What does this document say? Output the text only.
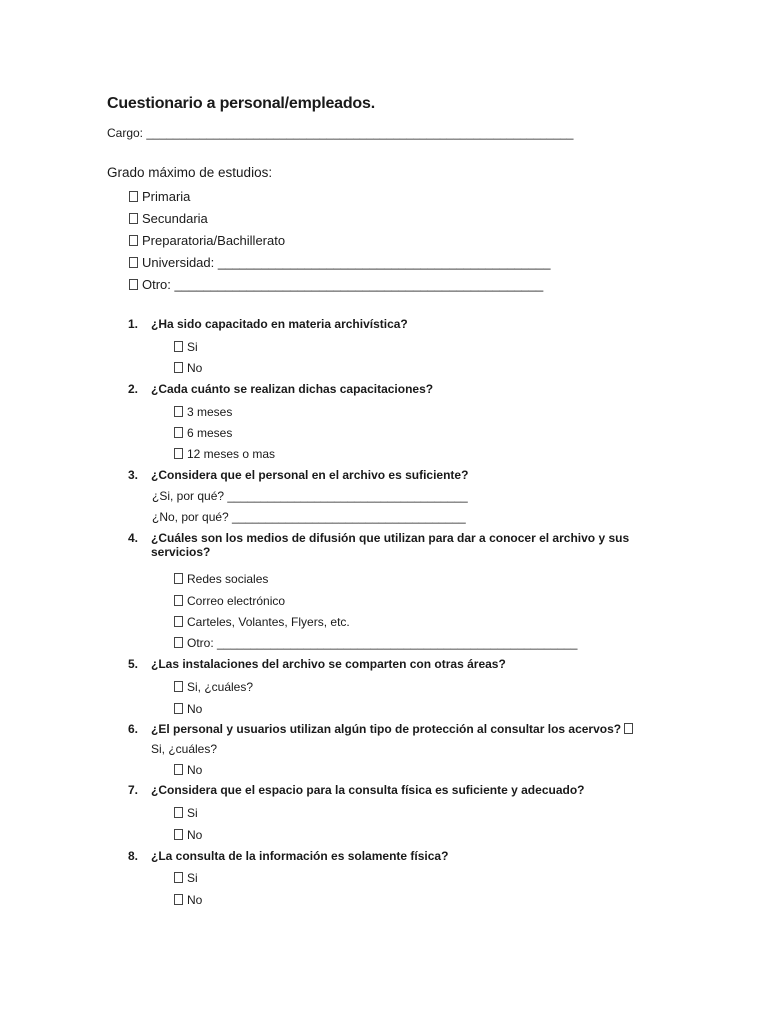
Cuestionario a personal/empleados.
Cargo: ________________________________________________________________
Grado máximo de estudios:
Primaria
Secundaria
Preparatoria/Bachillerato
Universidad: ______________________________________________
Otro: ___________________________________________________
1. ¿Ha sido capacitado en materia archivística?
Si
No
2. ¿Cada cuánto se realizan dichas capacitaciones?
3 meses
6 meses
12 meses o mas
3. ¿Considera que el personal en el archivo es suficiente?
¿Si, por qué? ____________________________________
¿No, por qué? ___________________________________
4. ¿Cuáles son los medios de difusión que utilizan para dar a conocer el archivo y sus
servicios?
Redes sociales
Correo electrónico
Carteles, Volantes, Flyers, etc.
Otro: ______________________________________________________
5. ¿Las instalaciones del archivo se comparten con otras áreas?
Si, ¿cuáles?
No
6. ¿El personal y usuarios utilizan algún tipo de protección al consultar los acervos?
Si, ¿cuáles?
No
7. ¿Considera que el espacio para la consulta física es suficiente y adecuado?
Si
No
8. ¿La consulta de la información es solamente física?
Si
No
